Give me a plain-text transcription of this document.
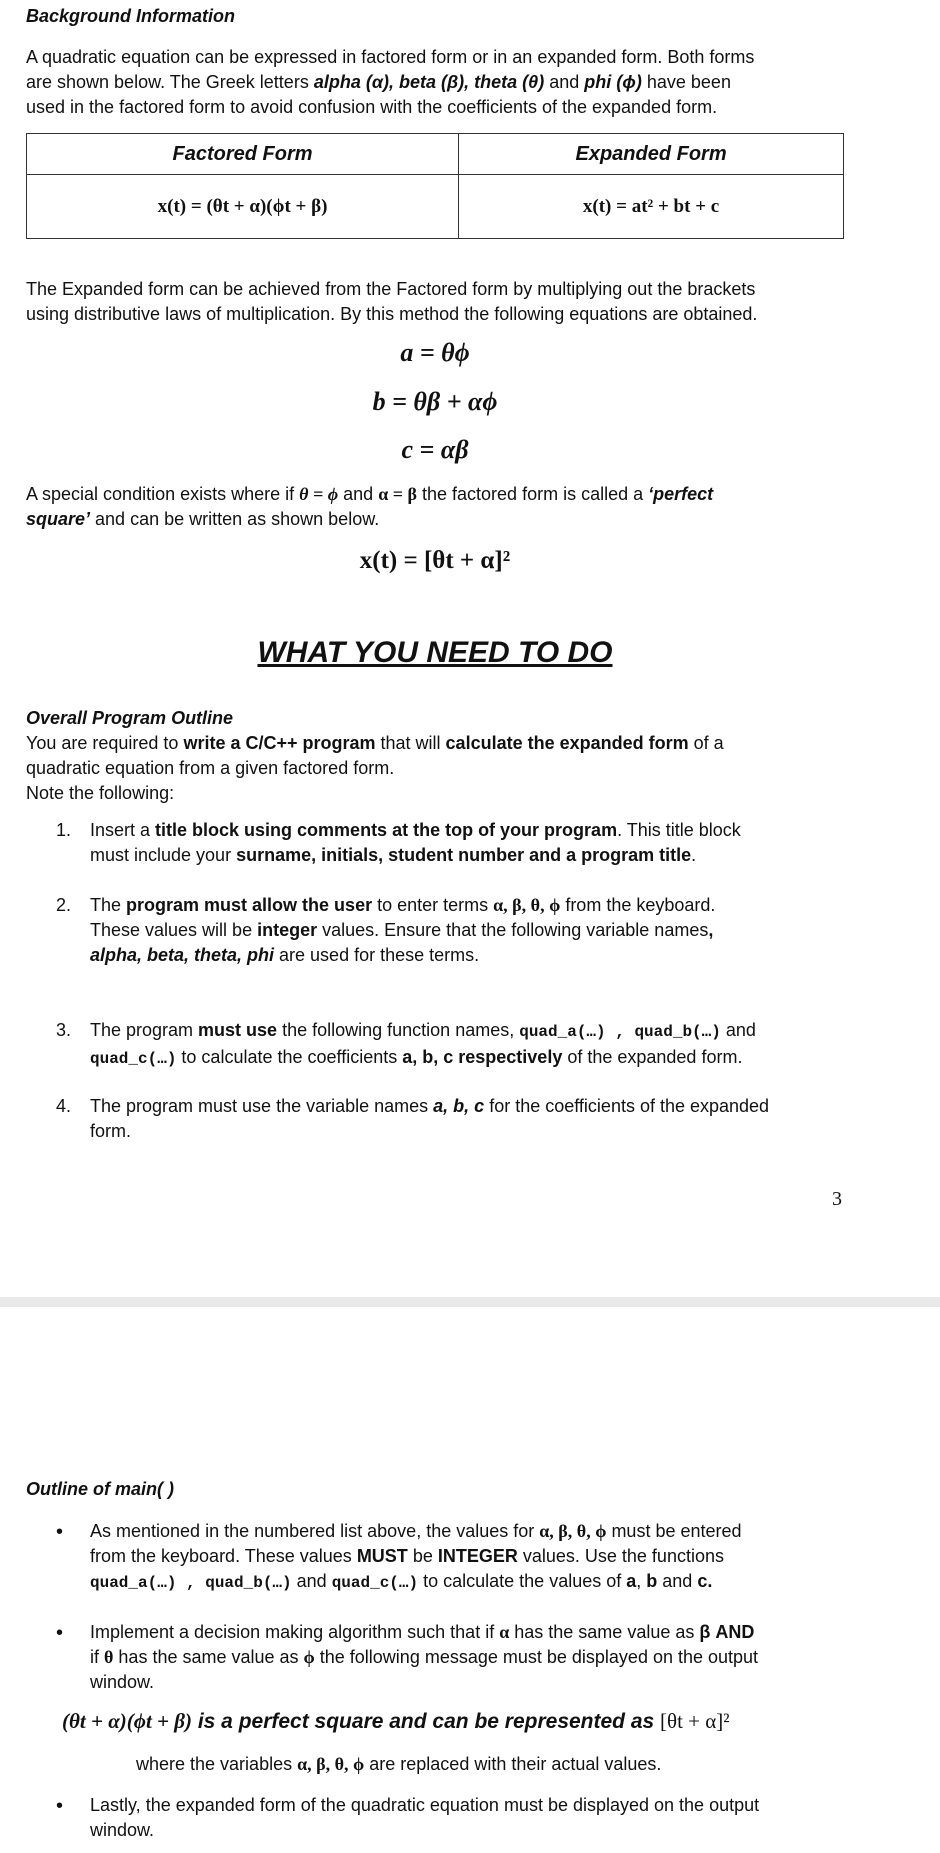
Background Information
A quadratic equation can be expressed in factored form or in an expanded form. Both forms
are shown below. The Greek letters alpha (α), beta (β), theta (θ) and phi (ϕ) have been
used in the factored form to avoid confusion with the coefficients of the expanded form.
Factored Form	Expanded Form
x(t) = (θt + α)(ϕt + β)	x(t) = at² + bt + c
The Expanded form can be achieved from the Factored form by multiplying out the brackets
using distributive laws of multiplication. By this method the following equations are obtained.
a = θϕ
b = θβ + αϕ
c = αβ
A special condition exists where if θ = ϕ and α = β the factored form is called a ‘perfect
square’ and can be written as shown below.
x(t) = [θt + α]²
WHAT YOU NEED TO DO
Overall Program Outline
You are required to write a C/C++ program that will calculate the expanded form of a
quadratic equation from a given factored form.
Note the following:
1. Insert a title block using comments at the top of your program. This title block
must include your surname, initials, student number and a program title.
2. The program must allow the user to enter terms α, β, θ, ϕ from the keyboard.
These values will be integer values. Ensure that the following variable names,
alpha, beta, theta, phi are used for these terms.
3. The program must use the following function names, quad_a(…) , quad_b(…) and
quad_c(…) to calculate the coefficients a, b, c respectively of the expanded form.
4. The program must use the variable names a, b, c for the coefficients of the expanded
form.
3
Outline of main( )
• As mentioned in the numbered list above, the values for α, β, θ, ϕ must be entered
from the keyboard. These values MUST be INTEGER values. Use the functions
quad_a(…) , quad_b(…) and quad_c(…) to calculate the values of a, b and c.
• Implement a decision making algorithm such that if α has the same value as β AND
if θ has the same value as ϕ the following message must be displayed on the output
window.
(θt + α)(ϕt + β) is a perfect square and can be represented as [θt + α]²
where the variables α, β, θ, ϕ are replaced with their actual values.
• Lastly, the expanded form of the quadratic equation must be displayed on the output
window.
